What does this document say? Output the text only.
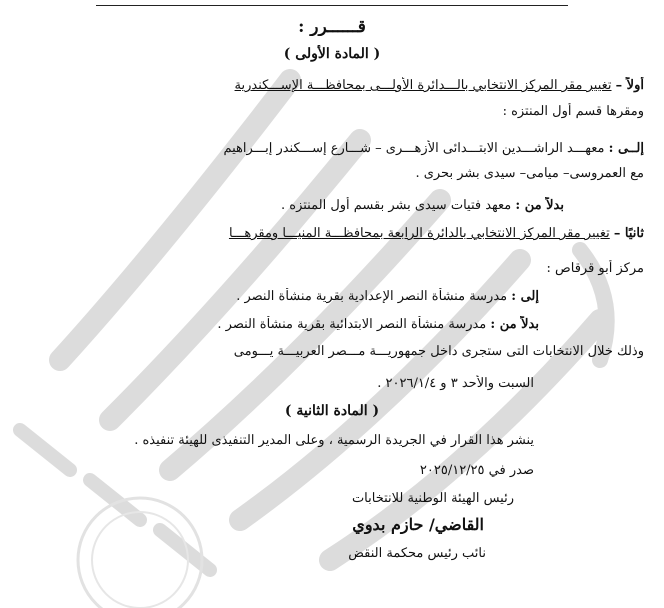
قــــــرر :
( المادة الأولى )
أولاً – تغيير مقر المركز الانتخابي بالـــدائرة الأولـــى بمحافظـــة الإســـكندرية
ومقرها قسم أول المنتزه :
إلــى : معهـــد الراشـــدين الابتـــدائى الأزهـــرى – شـــارع إســـكندر إبـــراهيم
مع العمروسى– ميامى– سيدى بشر بحرى .
بدلاً من : معهد فتيات سيدى بشر بقسم أول المنتزه .
ثانيًا – تغيير مقر المركز الانتخابي بالدائرة الرابعة بمحافظـــة المنيـــا ومقرهـــا
مركز أبو قرقاص :
إلى : مدرسة منشأة النصر الإعدادية بقرية منشأة النصر .
بدلاً من : مدرسة منشأة النصر الابتدائية بقرية منشأة النصر .
وذلك خلال الانتخابات التى ستجرى داخل جمهوريـــة مـــصر العربيـــة يـــومى
السبت والأحد ٣ و ٢٠٢٦/١/٤ .
( المادة الثانية )
ينشر هذا القرار في الجريدة الرسمية ، وعلى المدير التنفيذى للهيئة تنفيذه .
صدر في ٢٠٢٥/١٢/٢٥
رئيس الهيئة الوطنية للانتخابات
القاضي/ حازم بدوي
نائب رئيس محكمة النقض
